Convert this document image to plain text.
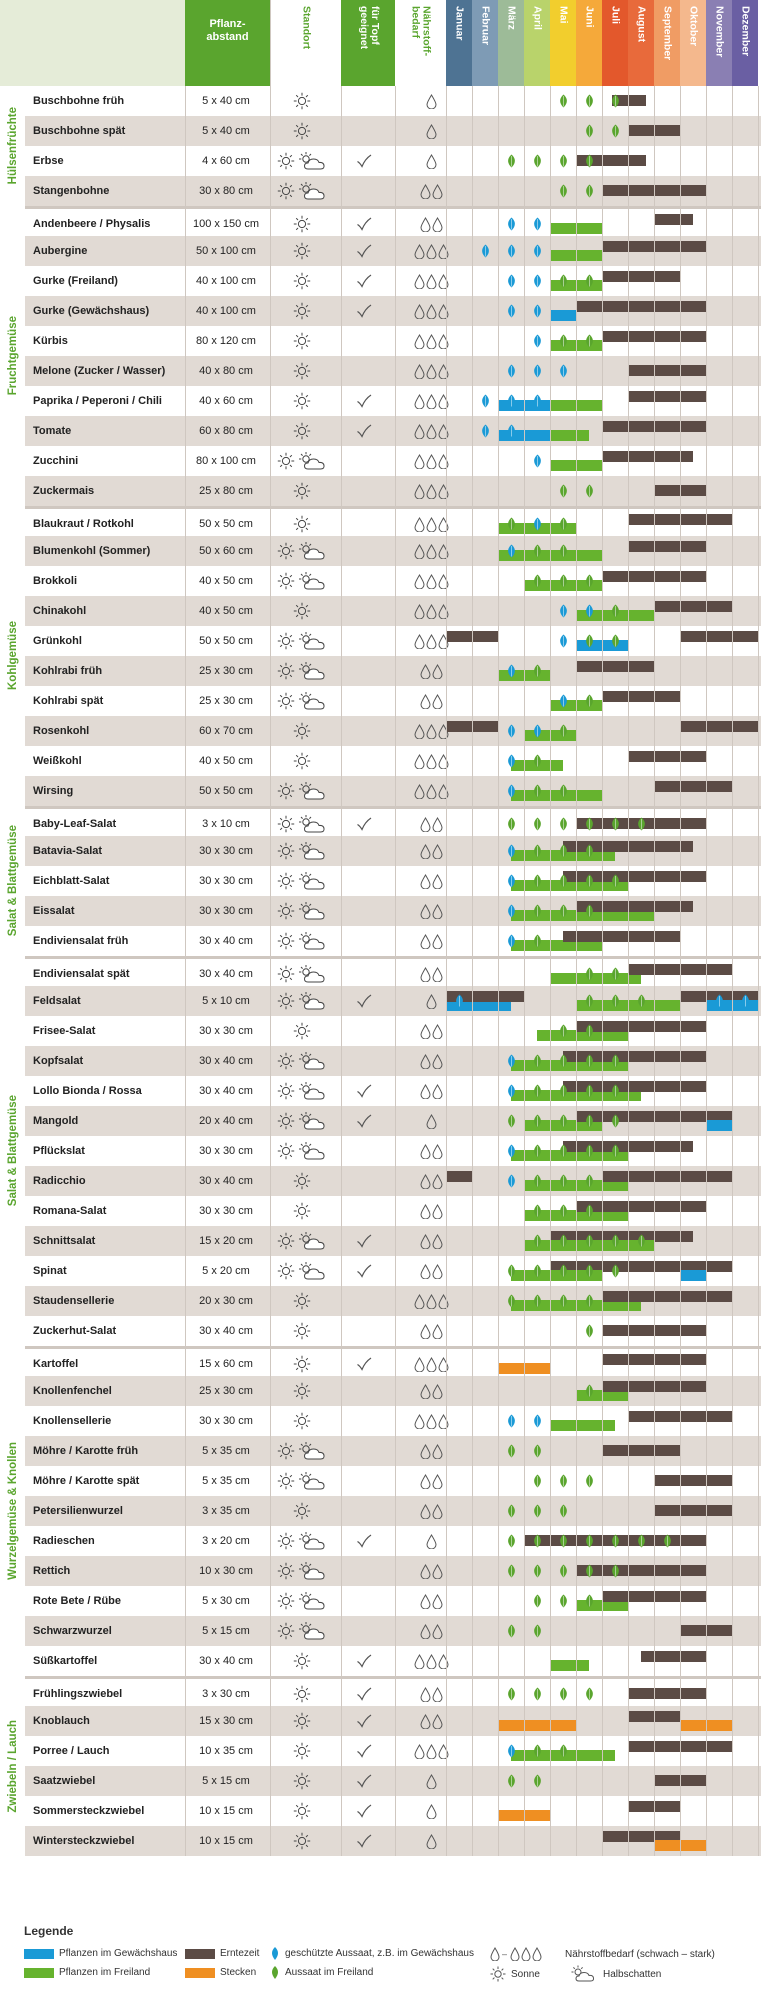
Pflanz-
abstand	Standort	für Topf geeignet	Nährstoff- bedarf	Januar Februar März April Mai Juni Juli August September Oktober November Dezember
Hülsenfrüchte
Fruchtgemüse
Kohlgemüse
Salat & Blattgemüse
Salat & Blattgemüse
Wurzelgemüse & Knollen
Zwiebeln / Lauch
Buschbohne früh	5 x 40 cm
Buschbohne spät	5 x 40 cm
Erbse	4 x 60 cm
Stangenbohne	30 x 80 cm
Andenbeere / Physalis	100 x 150 cm
Aubergine	50 x 100 cm
Gurke (Freiland)	40 x 100 cm
Gurke (Gewächshaus)	40 x 100 cm
Kürbis	80 x 120 cm
Melone (Zucker / Wasser)	40 x 80 cm
Paprika / Peperoni / Chili	40 x 60 cm
Tomate	60 x 80 cm
Zucchini	80 x 100 cm
Zuckermais	25 x 80 cm
Blaukraut / Rotkohl	50 x 50 cm
Blumenkohl (Sommer)	50 x 60 cm
Brokkoli	40 x 50 cm
Chinakohl	40 x 50 cm
Grünkohl	50 x 50 cm
Kohlrabi früh	25 x 30 cm
Kohlrabi spät	25 x 30 cm
Rosenkohl	60 x 70 cm
Weißkohl	40 x 50 cm
Wirsing	50 x 50 cm
Baby-Leaf-Salat	3 x 10 cm
Batavia-Salat	30 x 30 cm
Eichblatt-Salat	30 x 30 cm
Eissalat	30 x 30 cm
Endiviensalat früh	30 x 40 cm
Endiviensalat spät	30 x 40 cm
Feldsalat	5 x 10 cm
Frisee-Salat	30 x 30 cm
Kopfsalat	30 x 40 cm
Lollo Bionda / Rossa	30 x 40 cm
Mangold	20 x 40 cm
Pflückslat	30 x 30 cm
Radicchio	30 x 40 cm
Romana-Salat	30 x 30 cm
Schnittsalat	15 x 20 cm
Spinat	5 x 20 cm
Staudensellerie	20 x 30 cm
Zuckerhut-Salat	30 x 40 cm
Kartoffel	15 x 60 cm
Knollenfenchel	25 x 30 cm
Knollensellerie	30 x 30 cm
Möhre / Karotte früh	5 x 35 cm
Möhre / Karotte spät	5 x 35 cm
Petersilienwurzel	3 x 35 cm
Radieschen	3 x 20 cm
Rettich	10 x 30 cm
Rote Bete / Rübe	5 x 30 cm
Schwarzwurzel	5 x 15 cm
Süßkartoffel	30 x 40 cm
Frühlingszwiebel	3 x 30 cm
Knoblauch	15 x 30 cm
Porree / Lauch	10 x 35 cm
Saatzwiebel	5 x 15 cm
Sommersteckzwiebel	10 x 15 cm
Wintersteckzwiebel	10 x 15 cm
Legende
Pflanzen im Gewächshaus
Pflanzen im Freiland
Erntezeit
Stecken
geschützte Aussaat, z.B. im Gewächshaus
Aussaat im Freiland
–	Nährstoffbedarf (schwach – stark)
Sonne	Halbschatten
